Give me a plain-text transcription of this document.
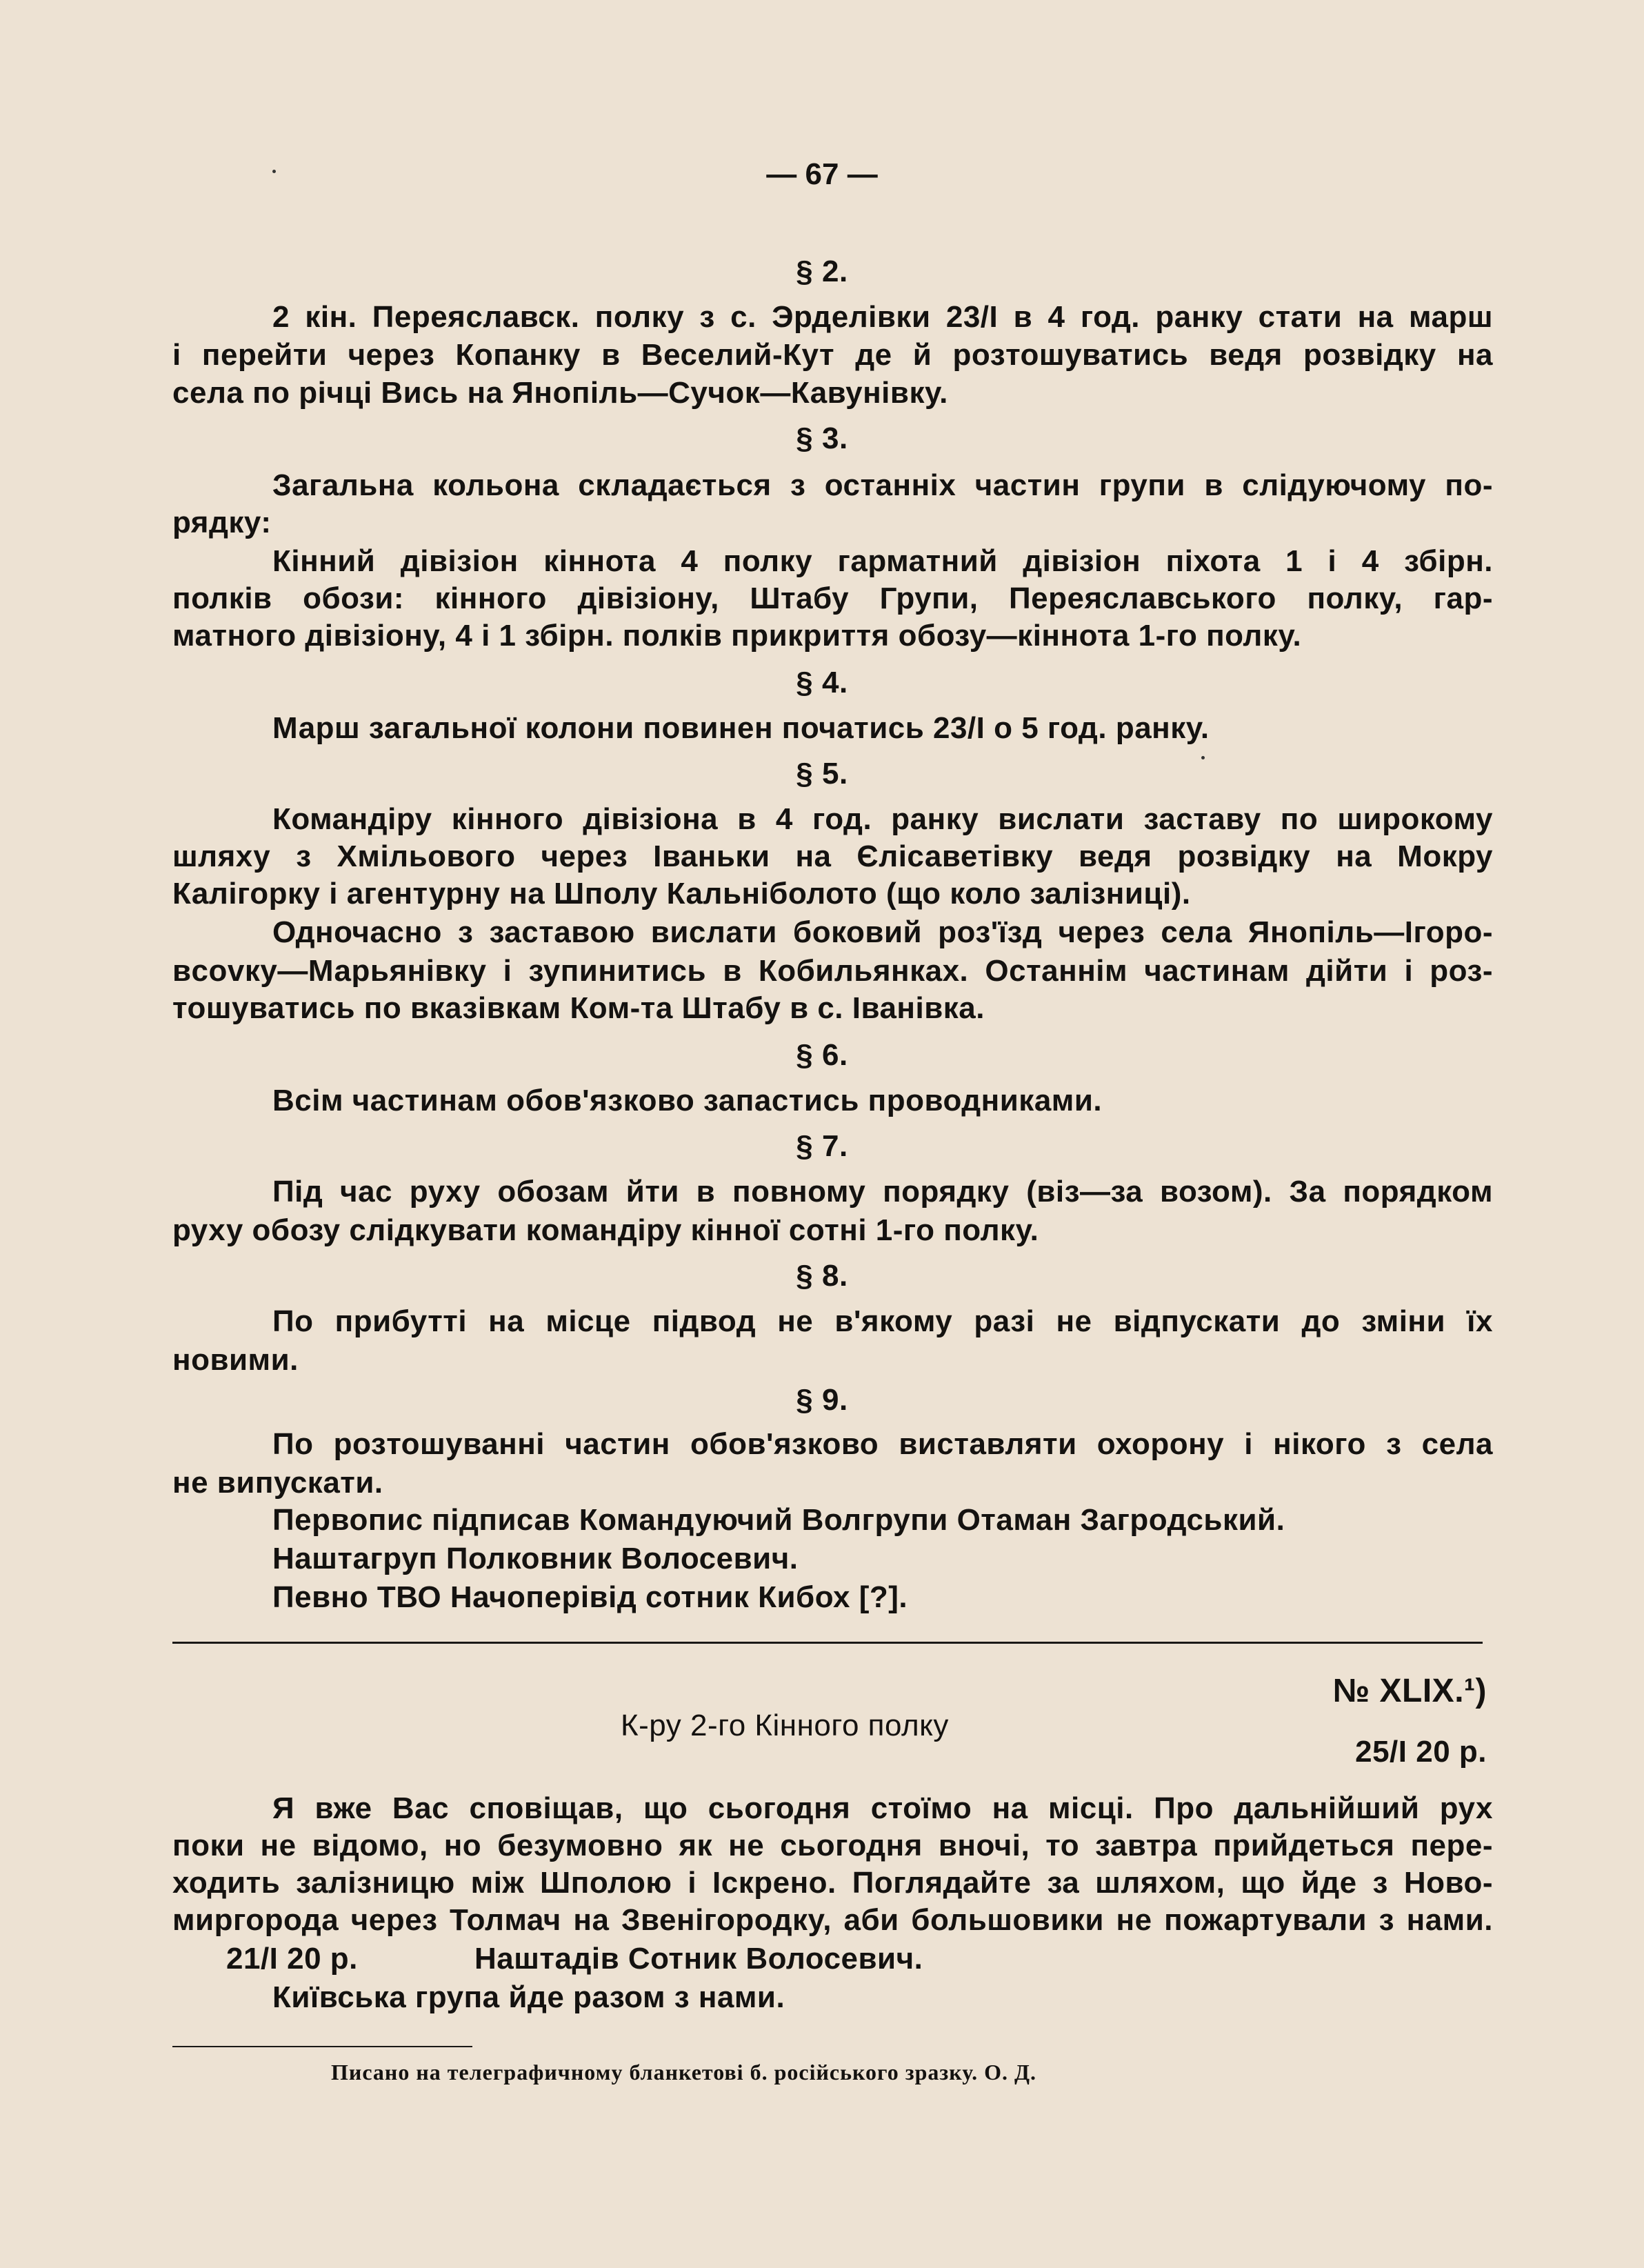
— 67 —
§ 2.
2 кін. Переяславск. полку з с. Эрделівки 23/І в 4 год. ранку стати на марш
і перейти через Копанку в Веселий-Кут де й розтошуватись ведя розвідку на
села по річці Вись на Янопіль—Сучок—Кавунівку.
§ 3.
Загальна кольона складається з останніх частин групи в слідуючому по-
рядку:
Кінний дівізіон кіннота 4 полку гарматний дівізіон піхота 1 і 4 збірн.
полків обози: кінного дівізіону, Штабу Групи, Переяславського полку, гар-
матного дівізіону, 4 і 1 збірн. полків прикриття обозу—кіннота 1-го полку.
§ 4.
Марш загальної колони повинен початись 23/І о 5 год. ранку.
§ 5.
Командіру кінного дівізіона в 4 год. ранку вислати заставу по широкому
шляху з Хмільового через Іваньки на Єлісаветівку ведя розвідку на Мокру
Калігорку і агентурну на Шполу Кальніболото (що коло залізниці).
Одночасно з заставою вислати боковий роз'їзд через села Янопіль—Ігоро-
вcovку—Марьянівку і зупинитись в Кобильянках. Останнім частинам дійти і роз-
тошуватись по вказівкам Ком-та Штабу в с. Іванівка.
§ 6.
Всім частинам обов'язково запастись проводниками.
§ 7.
Під час руху обозам йти в повному порядку (віз—за возом). За порядком
руху обозу слідкувати командіру кінної сотні 1-го полку.
§ 8.
По прибутті на місце підвод не в'якому разі не відпускати до зміни їх
новими.
§ 9.
По розтошуванні частин обов'язково виставляти охорону і нікого з села
не випускати.
Первопис підписав Командуючий Волгрупи Отаман Загродський.
Наштагруп Полковник Волосевич.
Певно ТВО Начоперівід сотник Кибох [?].
№ XLIX.¹)
К-ру 2-го Кінного полку
25/І 20 р.
Я вже Вас сповіщав, що сьогодня стоїмо на місці. Про дальнійший рух
поки не відомо, но безумовно як не сьогодня вночі, то завтра прийдеться пере-
ходить залізницю між Шполою і Іскрено. Поглядайте за шляхом, що йде з Ново-
миргорода через Толмач на Звенігородку, аби большовики не пожартували з нами.
21/І 20 р.	Наштадів Сотник Волосевич.
Київська група йде разом з нами.
Писано на телеграфичному бланкетові б. російського зразку. О. Д.
